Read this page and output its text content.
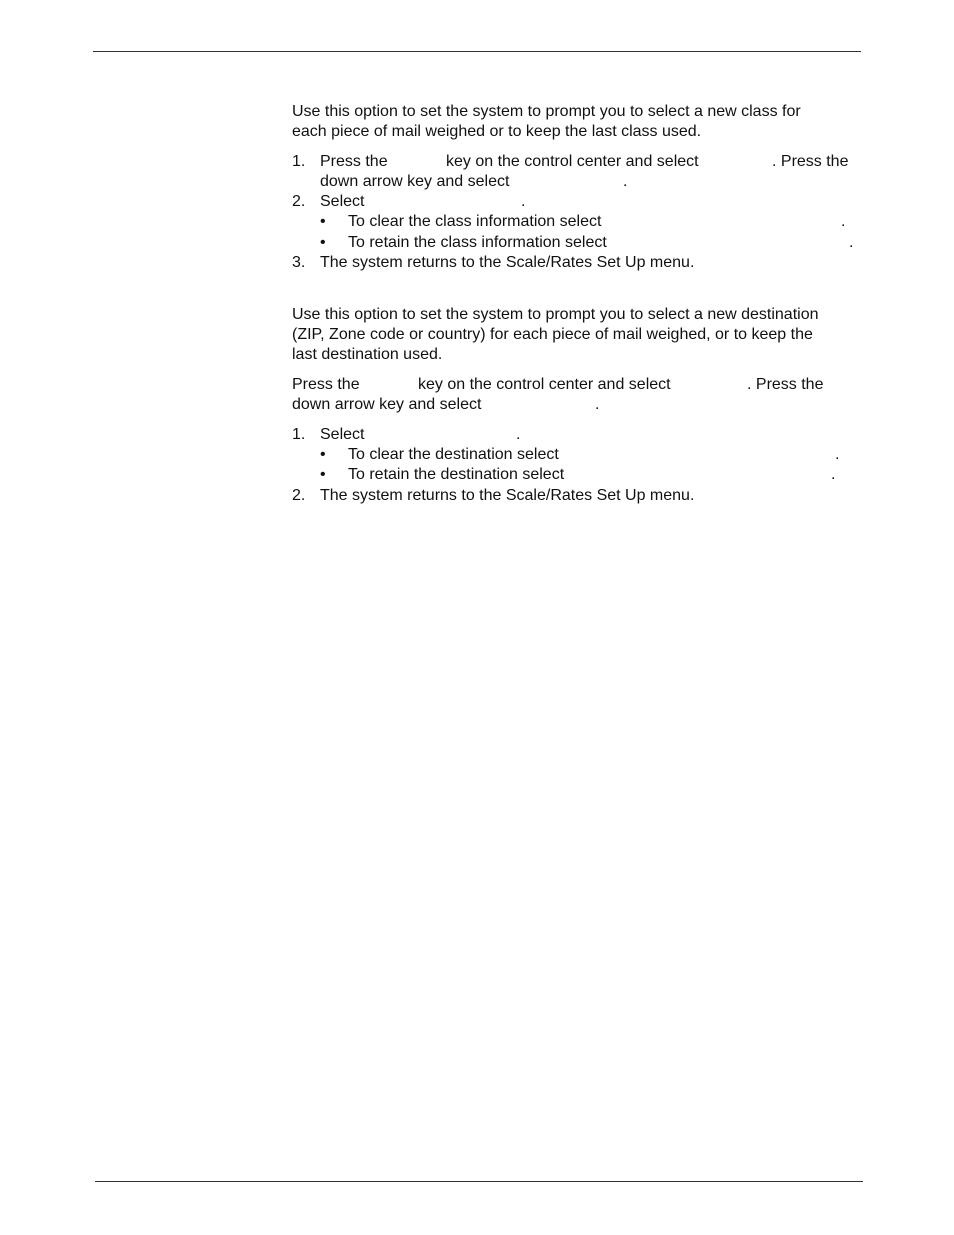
Use this option to set the system to prompt you to select a new class for
each piece of mail weighed or to keep the last class used.
1. Press the	key on the control center and select	. Press the
down arrow key and select	.
2. Select	.
• To clear the class information select	.
• To retain the class information select	.
3. The system returns to the Scale/Rates Set Up menu.
Use this option to set the system to prompt you to select a new destination
(ZIP, Zone code or country) for each piece of mail weighed, or to keep the
last destination used.
Press the	key on the control center and select	. Press the
down arrow key and select	.
1. Select	.
• To clear the destination select	.
• To retain the destination select	.
2. The system returns to the Scale/Rates Set Up menu.
